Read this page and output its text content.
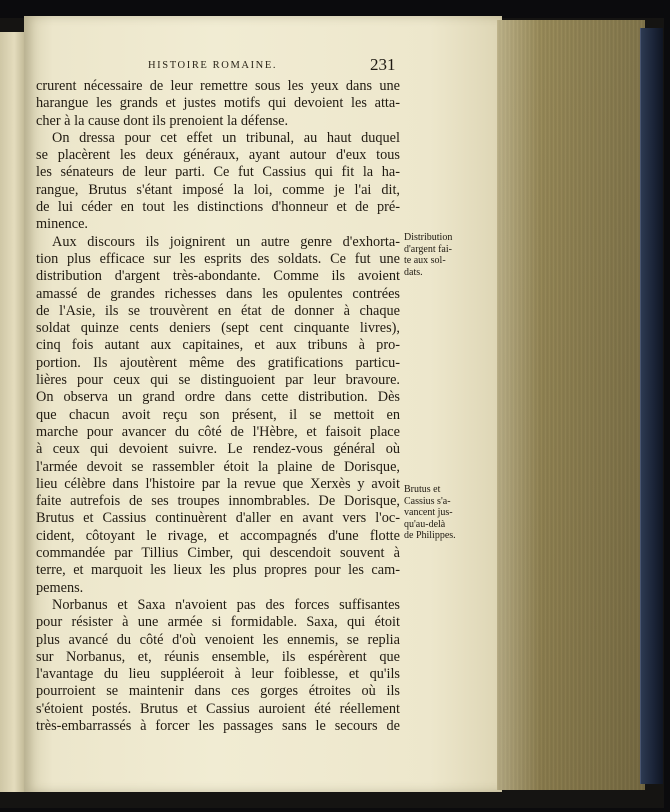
HISTOIRE ROMAINE.	231
crurent nécessaire de leur remettre sous les yeux dans une
harangue les grands et justes motifs qui devoient les atta-
cher à la cause dont ils prenoient la défense.
On dressa pour cet effet un tribunal, au haut duquel
se placèrent les deux généraux, ayant autour d'eux tous
les sénateurs de leur parti. Ce fut Cassius qui fit la ha-
rangue, Brutus s'étant imposé la loi, comme je l'ai dit,
de lui céder en tout les distinctions d'honneur et de pré-
minence.
Aux discours ils joignirent un autre genre d'exhorta-
tion plus efficace sur les esprits des soldats. Ce fut une
distribution d'argent très-abondante. Comme ils avoient
amassé de grandes richesses dans les opulentes contrées
de l'Asie, ils se trouvèrent en état de donner à chaque
soldat quinze cents deniers (sept cent cinquante livres),
cinq fois autant aux capitaines, et aux tribuns à pro-
portion. Ils ajoutèrent même des gratifications particu-
lières pour ceux qui se distinguoient par leur bravoure.
On observa un grand ordre dans cette distribution. Dès
que chacun avoit reçu son présent, il se mettoit en
marche pour avancer du côté de l'Hèbre, et faisoit place
à ceux qui devoient suivre. Le rendez-vous général où
l'armée devoit se rassembler étoit la plaine de Dorisque,
lieu célèbre dans l'histoire par la revue que Xerxès y avoit
faite autrefois de ses troupes innombrables. De Dorisque,
Brutus et Cassius continuèrent d'aller en avant vers l'oc-
cident, côtoyant le rivage, et accompagnés d'une flotte
commandée par Tillius Cimber, qui descendoit souvent à
terre, et marquoit les lieux les plus propres pour les cam-
pemens.
Norbanus et Saxa n'avoient pas des forces suffisantes
pour résister à une armée si formidable. Saxa, qui étoit
plus avancé du côté d'où venoient les ennemis, se replia
sur Norbanus, et, réunis ensemble, ils espérèrent que
l'avantage du lieu suppléeroit à leur foiblesse, et qu'ils
pourroient se maintenir dans ces gorges étroites où ils
s'étoient postés. Brutus et Cassius auroient été réellement
très-embarrassés à forcer les passages sans le secours de
Distribution
d'argent fai-
te aux sol-
dats.
Brutus et
Cassius s'a-
vancent jus-
qu'au-delà
de Philippes.
